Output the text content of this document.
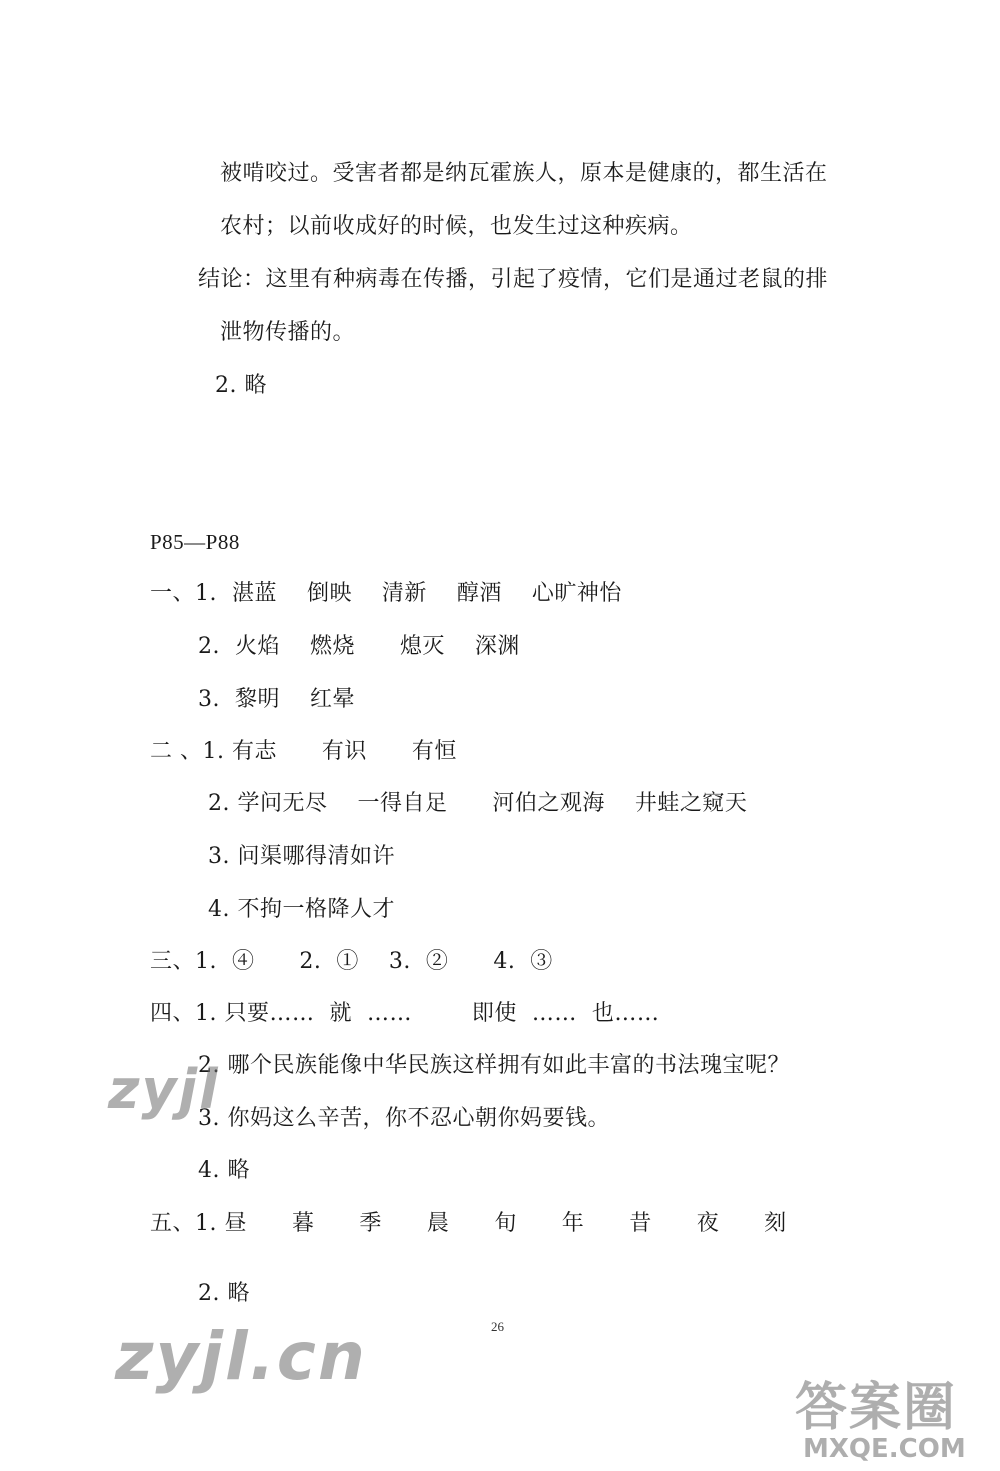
被啃咬过。受害者都是纳瓦霍族人，原本是健康的，都生活在
农村；以前收成好的时候，也发生过这种疾病。
结论：这里有种病毒在传播，引起了疫情，它们是通过老鼠的排
泄物传播的。
2. 略
P85—P88
一、1.  湛蓝    倒映    清新    醇酒    心旷神怡
2.  火焰    燃烧      熄灭    深渊
3.  黎明    红晕
二 、1. 有志      有识      有恒
2. 学问无尽    一得自足      河伯之观海    井蛙之窥天
3. 问渠哪得清如许
4. 不拘一格降人才
三、1.  ④      2.  ①    3.  ②      4.  ③
四、1. 只要……  就  ……        即使  ……  也……
2. 哪个民族能像中华民族这样拥有如此丰富的书法瑰宝呢？
3. 你妈这么辛苦，你不忍心朝你妈要钱。
4. 略
五、1. 昼      暮      季      晨      旬      年      昔      夜      刻
2. 略
26
zyjl
zyjl.cn
答案圈
MXQE.COM
